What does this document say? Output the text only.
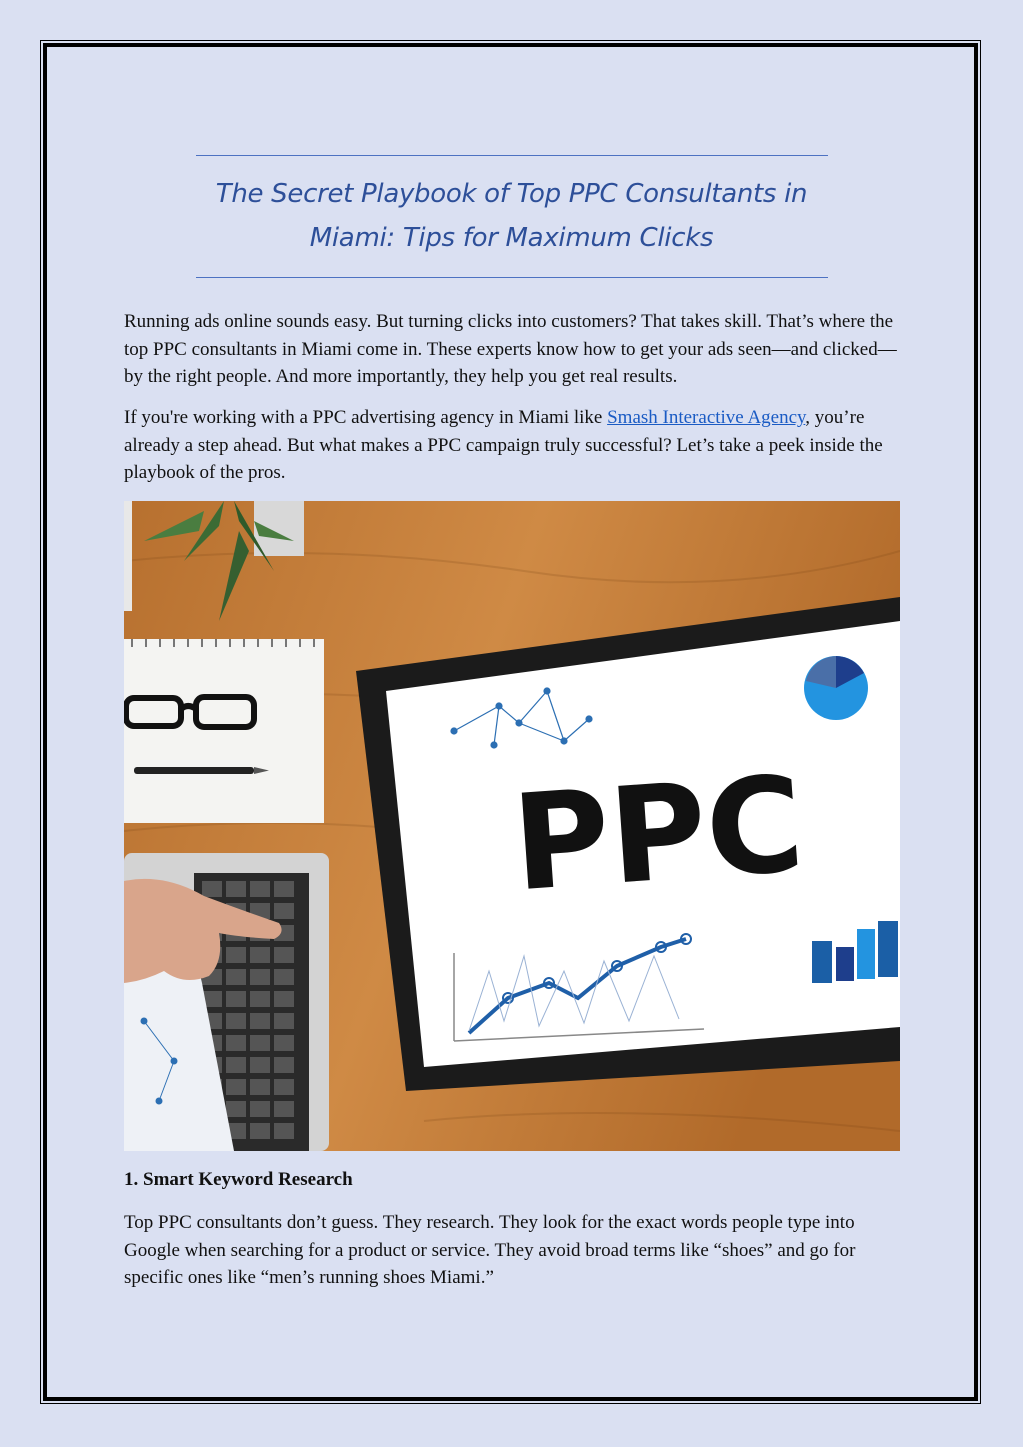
The Secret Playbook of Top PPC Consultants in
Miami: Tips for Maximum Clicks

Running ads online sounds easy. But turning clicks into customers? That takes skill. That’s where the top PPC consultants in Miami come in. These experts know how to get your ads seen—and clicked—by the right people. And more importantly, they help you get real results.

If you're working with a PPC advertising agency in Miami like Smash Interactive Agency, you’re already a step ahead. But what makes a PPC campaign truly successful? Let’s take a peek inside the playbook of the pros.

PPC

1. Smart Keyword Research

Top PPC consultants don’t guess. They research. They look for the exact words people type into Google when searching for a product or service. They avoid broad terms like “shoes” and go for specific ones like “men’s running shoes Miami.”
